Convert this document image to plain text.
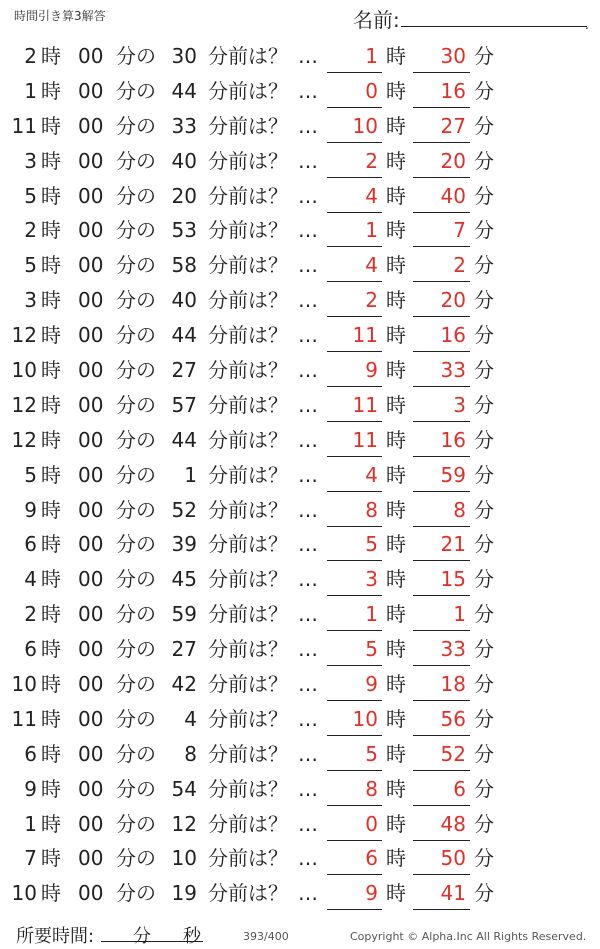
時間引き算3解答	名前:	.
2 時 00 分の 30 分前は？ … 1 時 30 分
1 時 00 分の 44 分前は？ … 0 時 16 分
11 時 00 分の 33 分前は？ … 10 時 27 分
3 時 00 分の 40 分前は？ … 2 時 20 分
5 時 00 分の 20 分前は？ … 4 時 40 分
2 時 00 分の 53 分前は？ … 1 時 7 分
5 時 00 分の 58 分前は？ … 4 時 2 分
3 時 00 分の 40 分前は？ … 2 時 20 分
12 時 00 分の 44 分前は？ … 11 時 16 分
10 時 00 分の 27 分前は？ … 9 時 33 分
12 時 00 分の 57 分前は？ … 11 時 3 分
12 時 00 分の 44 分前は？ … 11 時 16 分
5 時 00 分の 1 分前は？ … 4 時 59 分
9 時 00 分の 52 分前は？ … 8 時 8 分
6 時 00 分の 39 分前は？ … 5 時 21 分
4 時 00 分の 45 分前は？ … 3 時 15 分
2 時 00 分の 59 分前は？ … 1 時 1 分
6 時 00 分の 27 分前は？ … 5 時 33 分
10 時 00 分の 42 分前は？ … 9 時 18 分
11 時 00 分の 4 分前は？ … 10 時 56 分
6 時 00 分の 8 分前は？ … 5 時 52 分
9 時 00 分の 54 分前は？ … 8 時 6 分
1 時 00 分の 12 分前は？ … 0 時 48 分
7 時 00 分の 10 分前は？ … 6 時 50 分
10 時 00 分の 19 分前は？ … 9 時 41 分
所要時間: 分 秒	393/400	Copyright © Alpha.Inc All Rights Reserved.
